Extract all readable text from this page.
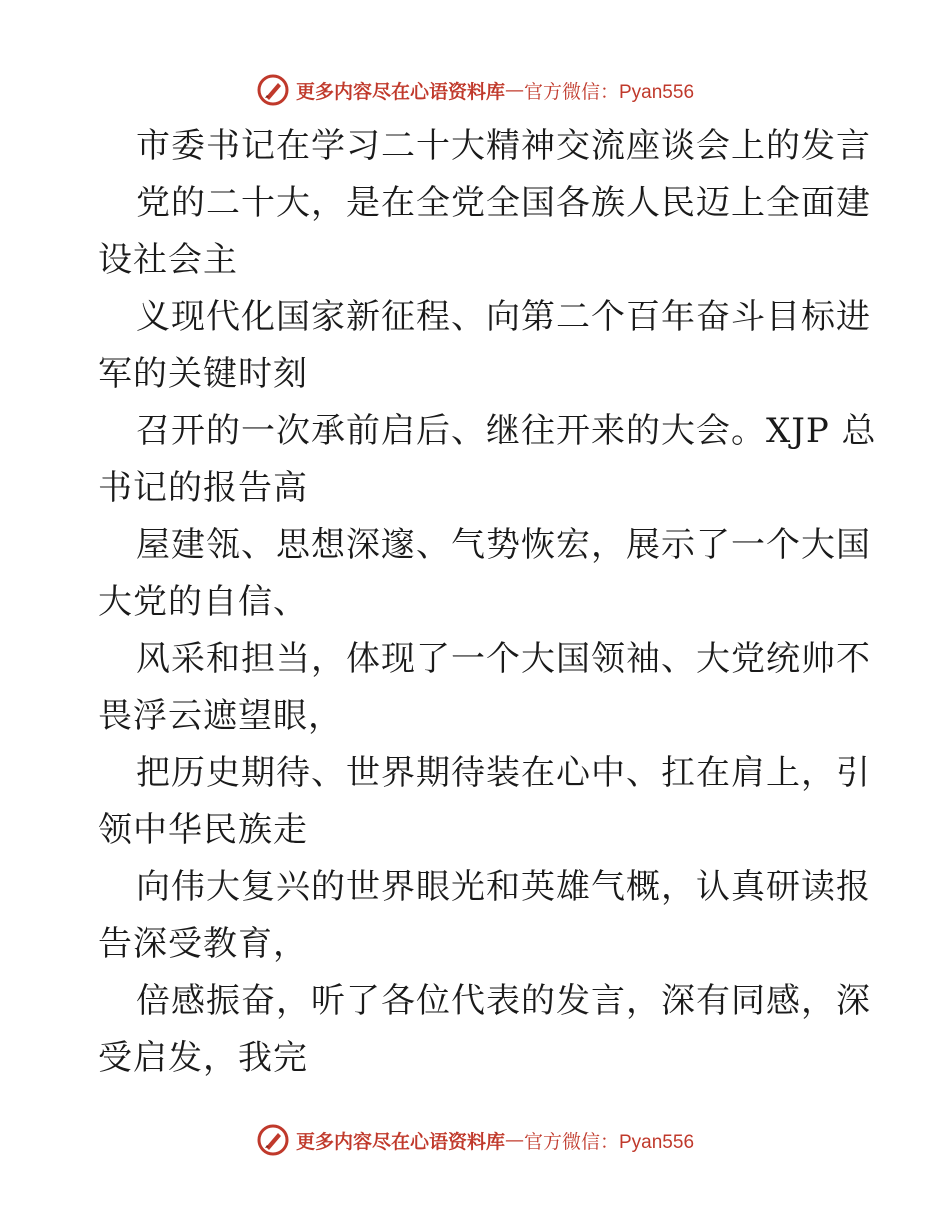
更多内容尽在心语资料库 — 官方微信：Pyan556
市委书记在学习二十大精神交流座谈会上的发言
党的二十大，是在全党全国各族人民迈上全面建
设社会主
义现代化国家新征程、向第二个百年奋斗目标进
军的关键时刻
召开的一次承前启后、继往开来的大会。XJP 总
书记的报告高
屋建瓴、思想深邃、气势恢宏，展示了一个大国
大党的自信、
风采和担当，体现了一个大国领袖、大党统帅不
畏浮云遮望眼，
把历史期待、世界期待装在心中、扛在肩上，引
领中华民族走
向伟大复兴的世界眼光和英雄气概，认真研读报
告深受教育，
倍感振奋，听了各位代表的发言，深有同感，深
受启发，我完
更多内容尽在心语资料库 — 官方微信：Pyan556
